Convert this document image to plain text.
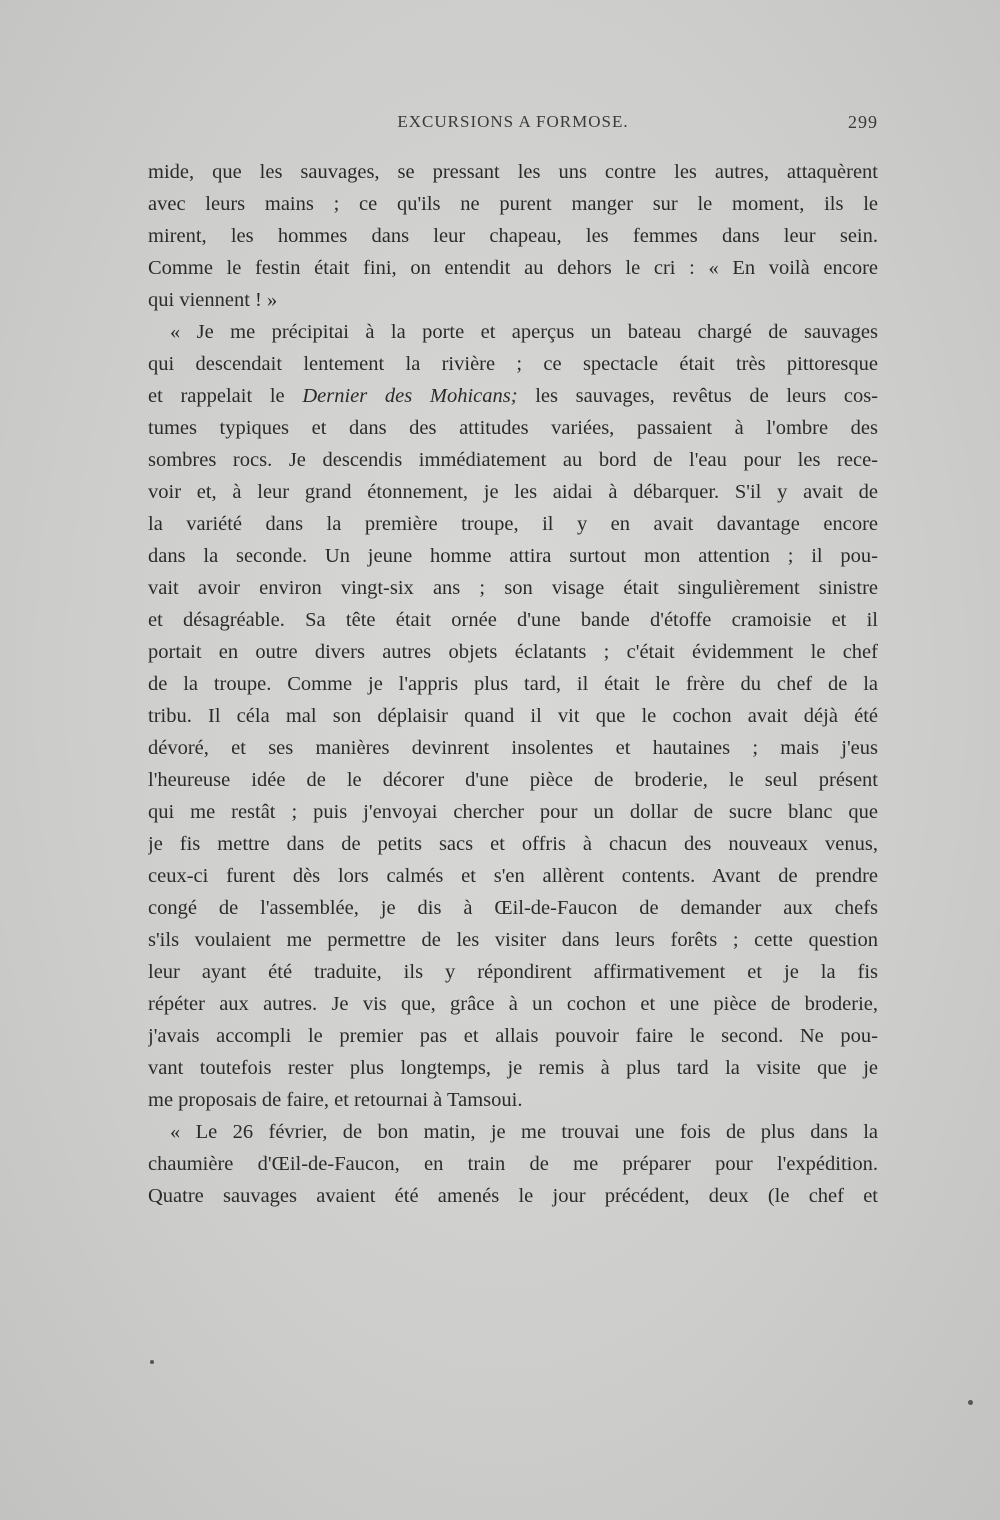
EXCURSIONS A FORMOSE.	299
mide, que les sauvages, se pressant les uns contre les autres, attaquèrent
avec leurs mains ; ce qu'ils ne purent manger sur le moment, ils le
mirent, les hommes dans leur chapeau, les femmes dans leur sein.
Comme le festin était fini, on entendit au dehors le cri : « En voilà encore
qui viennent ! »
« Je me précipitai à la porte et aperçus un bateau chargé de sauvages
qui descendait lentement la rivière ; ce spectacle était très pittoresque
et rappelait le Dernier des Mohicans; les sauvages, revêtus de leurs cos-
tumes typiques et dans des attitudes variées, passaient à l'ombre des
sombres rocs. Je descendis immédiatement au bord de l'eau pour les rece-
voir et, à leur grand étonnement, je les aidai à débarquer. S'il y avait de
la variété dans la première troupe, il y en avait davantage encore
dans la seconde. Un jeune homme attira surtout mon attention ; il pou-
vait avoir environ vingt-six ans ; son visage était singulièrement sinistre
et désagréable. Sa tête était ornée d'une bande d'étoffe cramoisie et il
portait en outre divers autres objets éclatants ; c'était évidemment le chef
de la troupe. Comme je l'appris plus tard, il était le frère du chef de la
tribu. Il céla mal son déplaisir quand il vit que le cochon avait déjà été
dévoré, et ses manières devinrent insolentes et hautaines ; mais j'eus
l'heureuse idée de le décorer d'une pièce de broderie, le seul présent
qui me restât ; puis j'envoyai chercher pour un dollar de sucre blanc que
je fis mettre dans de petits sacs et offris à chacun des nouveaux venus,
ceux-ci furent dès lors calmés et s'en allèrent contents. Avant de prendre
congé de l'assemblée, je dis à Œil-de-Faucon de demander aux chefs
s'ils voulaient me permettre de les visiter dans leurs forêts ; cette question
leur ayant été traduite, ils y répondirent affirmativement et je la fis
répéter aux autres. Je vis que, grâce à un cochon et une pièce de broderie,
j'avais accompli le premier pas et allais pouvoir faire le second. Ne pou-
vant toutefois rester plus longtemps, je remis à plus tard la visite que je
me proposais de faire, et retournai à Tamsoui.
« Le 26 février, de bon matin, je me trouvai une fois de plus dans la
chaumière d'Œil-de-Faucon, en train de me préparer pour l'expédition.
Quatre sauvages avaient été amenés le jour précédent, deux (le chef et
